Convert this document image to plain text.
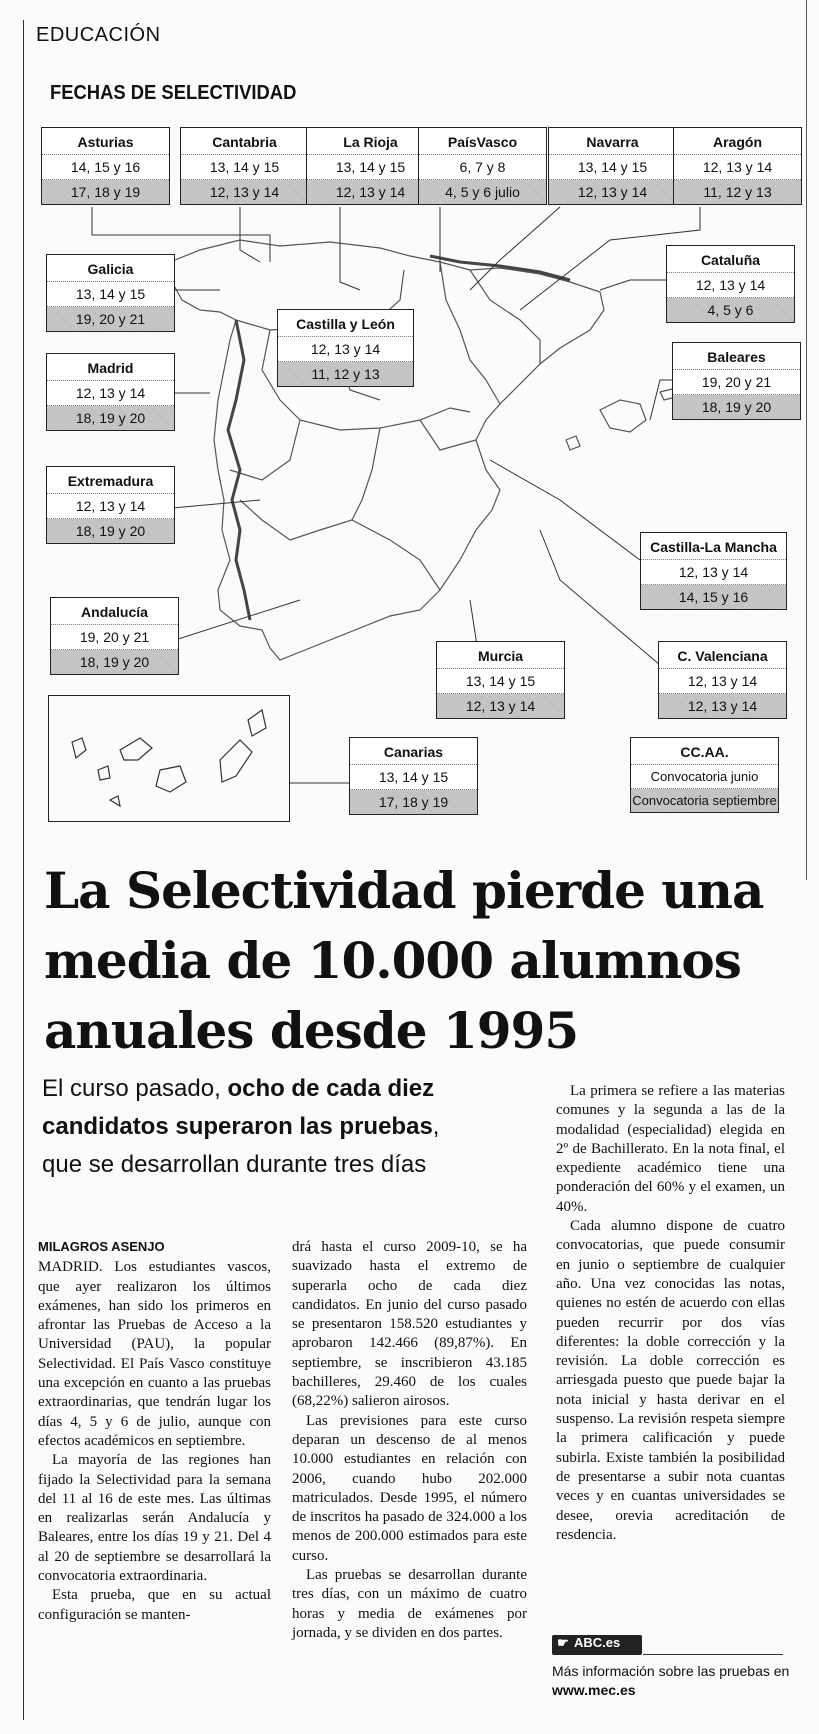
EDUCACIÓN
FECHAS DE SELECTIVIDAD
Asturias
14, 15 y 16
17, 18 y 19
Cantabria
13, 14 y 15
12, 13 y 14
La Rioja
13, 14 y 15
12, 13 y 14
PaísVasco
6, 7 y 8
4, 5 y 6 julio
Navarra
13, 14 y 15
12, 13 y 14
Aragón
12, 13 y 14
11, 12 y 13
Galicia
13, 14 y 15
19, 20 y 21	Castilla y León
12, 13 y 14
11, 12 y 13
Cataluña
12, 13 y 14
4, 5 y 6
Madrid
12, 13 y 14
18, 19 y 20
Baleares
19, 20 y 21
18, 19 y 20
Extremadura
12, 13 y 14
18, 19 y 20
Castilla-La Mancha
12, 13 y 14
14, 15 y 16
Andalucía
19, 20 y 21
18, 19 y 20	Murcia
13, 14 y 15
12, 13 y 14
C. Valenciana
12, 13 y 14
12, 13 y 14
Canarias
13, 14 y 15
17, 18 y 19
CC.AA.
Convocatoria junio
Convocatoria septiembre
La Selectividad pierde una media de 10.000 alumnos anuales desde 1995
El curso pasado, ocho de cada diez candidatos superaron las pruebas, que se desarrollan durante tres días
MILAGROS ASENJO

MADRID. Los estudiantes vascos, que ayer realizaron los últimos exámenes, han sido los primeros en afrontar las Pruebas de Acceso a la Universidad (PAU), la popular Selectividad. El País Vasco constituye una excepción en cuanto a las pruebas extraordinarias, que tendrán lugar los días 4, 5 y 6 de julio, aunque con efectos académicos en septiembre.

La mayoría de las regiones han fijado la Selectividad para la semana del 11 al 16 de este mes. Las últimas en realizarlas serán Andalucía y Baleares, entre los días 19 y 21. Del 4 al 20 de septiembre se desarrollará la convocatoria extraordinaria.

Esta prueba, que en su actual configuración se manten-

drá hasta el curso 2009-10, se ha suavizado hasta el extremo de superarla ocho de cada diez candidatos. En junio del curso pasado se presentaron 158.520 estudiantes y aprobaron 142.466 (89,87%). En septiembre, se inscribieron 43.185 bachilleres, 29.460 de los cuales (68,22%) salieron airosos.

Las previsiones para este curso deparan un descenso de al menos 10.000 estudiantes en relación con 2006, cuando hubo 202.000 matriculados. Desde 1995, el número de inscritos ha pasado de 324.000 a los menos de 200.000 estimados para este curso.

Las pruebas se desarrollan durante tres días, con un máximo de cuatro horas y media de exámenes por jornada, y se dividen en dos partes.

La primera se refiere a las materias comunes y la segunda a las de la modalidad (especialidad) elegida en 2º de Bachillerato. En la nota final, el expediente académico tiene una ponderación del 60% y el examen, un 40%.

Cada alumno dispone de cuatro convocatorias, que puede consumir en junio o septiembre de cualquier año. Una vez conocidas las notas, quienes no estén de acuerdo con ellas pueden recurrir por dos vías diferentes: la doble corrección y la revisión. La doble corrección es arriesgada puesto que puede bajar la nota inicial y hasta derivar en el suspenso. La revisión respeta siempre la primera calificación y puede subirla. Existe también la posibilidad de presentarse a subir nota cuantas veces y en cuantas universidades se desee, orevia acreditación de resdencia.

☛ ABC.es
Más información sobre las pruebas en www.mec.es
